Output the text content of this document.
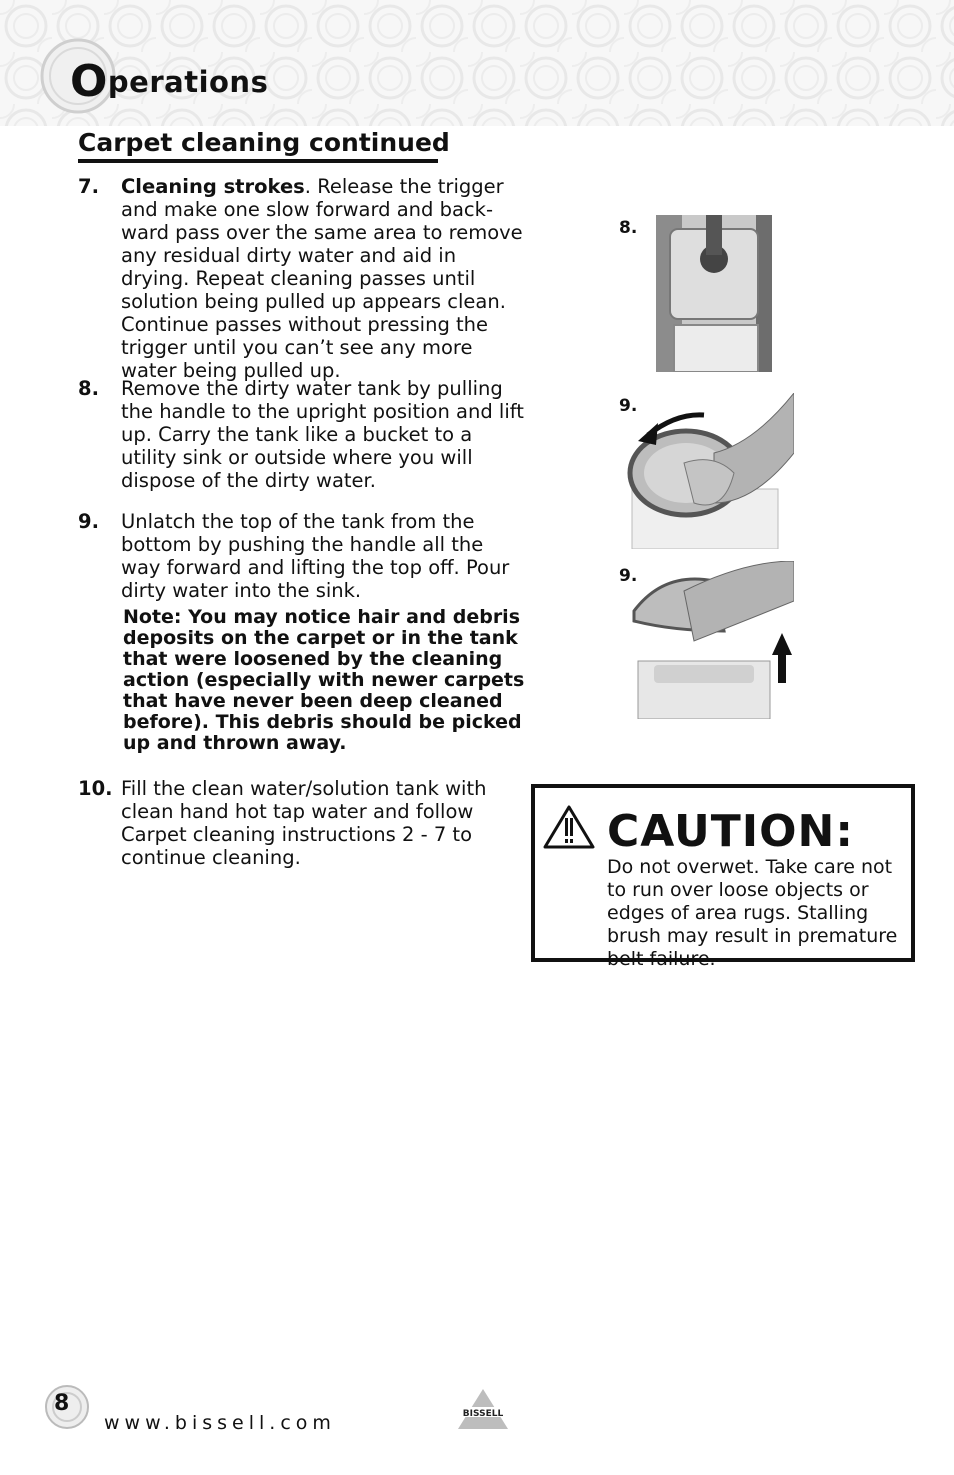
Operations
Carpet cleaning continued
7. Cleaning strokes. Release the trigger and make one slow forward and back-ward pass over the same area to remove any residual dirty water and aid in drying. Repeat cleaning passes until solution being pulled up appears clean. Continue passes without pressing the trigger until you can’t see any more water being pulled up.
8. Remove the dirty water tank by pulling the handle to the upright position and lift up. Carry the tank like a bucket to a utility sink or outside where you will dispose of the dirty water.
9. Unlatch the top of the tank from the bottom by pushing the handle all the way forward and lifting the top off. Pour dirty water into the sink.
Note: You may notice hair and debris deposits on the carpet or in the tank that were loosened by the cleaning action (especially with newer carpets that have never been deep cleaned before). This debris should be picked up and thrown away.
10. Fill the clean water/solution tank with clean hand hot tap water and follow Carpet cleaning instructions 2 - 7 to continue cleaning.
8.
9.
9.
CAUTION:
Do not overwet. Take care not to run over loose objects or edges of area rugs. Stalling brush may result in premature belt failure.
8
www.bissell.com	BISSELL
